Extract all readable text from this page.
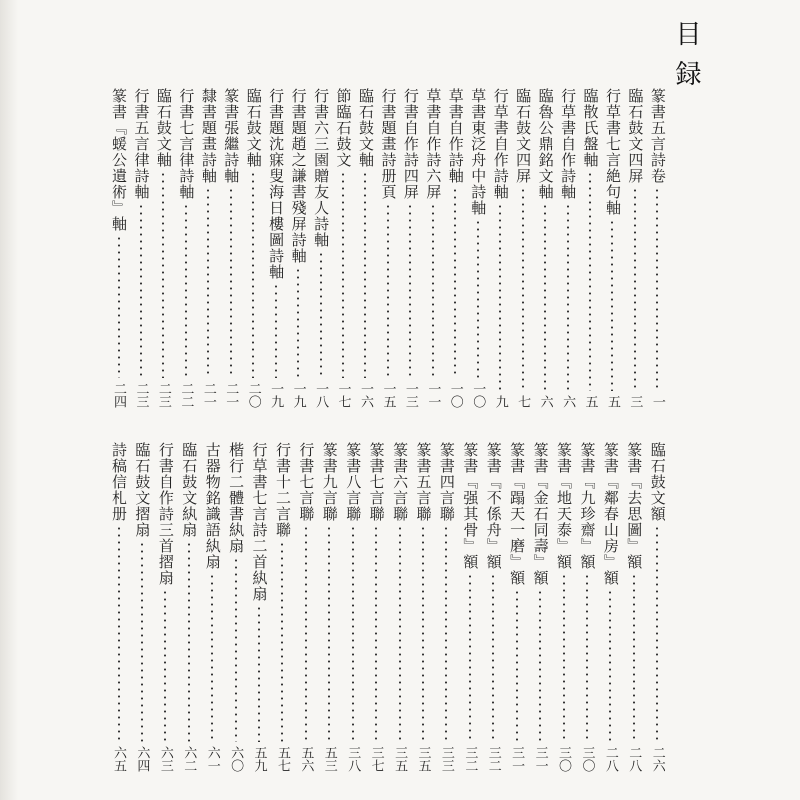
目録
篆書五言詩卷
一
臨石鼓文四屏
三
行草書七言絶句軸
五
臨散氏盤軸
五
行草書自作詩軸
六
臨魯公鼎銘文軸
六
臨石鼓文四屏
七
行草書自作詩軸
九
草書東泛舟中詩軸
一〇
草書自作詩軸
一〇
草書自作詩六屏
一一
行書自作詩四屏
一三
行書題畫詩册頁
一五
臨石鼓文軸
一六
節臨石鼓文
一七
行書六三園贈友人詩軸
一八
行書題趙之謙書殘屏詩軸
一九
行書題沈寐叟海日樓圖詩軸
一九
臨石鼓文軸
二〇
篆書張繼詩軸
二一
隸書題畫詩軸
二一
行書七言律詩軸
二二
臨石鼓文軸
二三
行書五言律詩軸
二三
篆書『蝯公遺術』軸
二四
臨石鼓文額
二六
篆書『去思圖』額
二八
篆書『鄰春山房』額
二八
篆書『九珍齋』額
三〇
篆書『地天泰』額
三〇
篆書『金石同壽』額
三一
篆書『蹋天一磨』額
三一
篆書『不係舟』額
三二
篆書『强其骨』額
三二
篆書四言聯
三三
篆書五言聯
三五
篆書六言聯
三五
篆書七言聯
三七
篆書八言聯
三八
篆書九言聯
五三
行書七言聯
五六
行書十二言聯
五七
行草書七言詩二首紈扇
五九
楷行二體書紈扇
六〇
古器物銘識語紈扇
六一
臨石鼓文紈扇
六二
行書自作詩三首摺扇
六三
臨石鼓文摺扇
六四
詩稿信札册
六五
